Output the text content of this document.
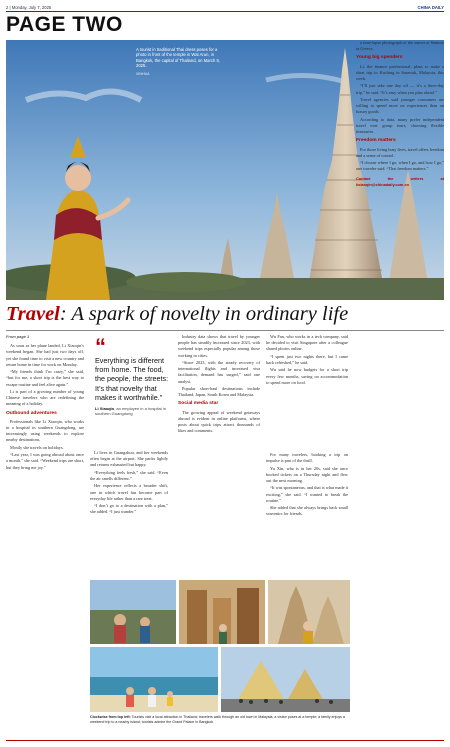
2 | Monday, July 7, 2025	CHINA DAILY
PAGE TWO
A tourist in traditional Thai dress poses for a photo in front of the temple in Wat Arun, in Bangkok, the capital of Thailand, on March 8, 2025.
XINHUA
Travel: A spark of novelty in ordinary life
From page 1
As soon as her plane landed, Li Xiaoqin’s weekend began. She had just two days off, yet she found time to visit a new country and return home in time for work on Monday.
“My friends think I’m crazy,” she said, “but for me, a short trip is the best way to escape routine and feel alive again.”
Li is part of a growing number of young Chinese travelers who are redefining the meaning of a holiday.
Outbound adventures
Professionals like Li Xiaoqin, who works in a hospital in southern Guangdong, are increasingly using weekends to explore nearby destinations.
Mostly she travels on holidays.
“Last year, I was going abroad about once a month,” she said. “Weekend trips are short, but they bring me joy.”
“
Everything is different from home. The food, the people, the streets: It’s that novelty that makes it worthwhile.”
Li Xiaoqin, an employee in a hospital in southern Guangdong
Li lives in Guangzhou, and her weekends often begin at the airport. She packs lightly and returns exhausted but happy.
“Everything feels fresh,” she said. “Even the air smells different.”
Her experience reflects a broader shift, one in which travel has become part of everyday life rather than a rare treat.
“I don’t go to a destination with a plan,” she added. “I just wander.”
Industry data shows that travel by younger people has steadily increased since 2023, with weekend trips especially popular among those working in cities.
“Since 2023, with the steady recovery of international flights and increased visa facilitation, demand has surged,” said one analyst.
Popular short-haul destinations include Thailand, Japan, South Korea and Malaysia.
Social media star
The growing appeal of weekend getaways abroad is evident in online platforms, where posts about quick trips attract thousands of likes and comments.
Wu Fan, who works in a tech company, said he decided to visit Singapore after a colleague shared photos online.
“I spent just two nights there, but I came back refreshed,” he said.
Wu said he now budgets for a short trip every few months, saving on accommodation to spend more on food.
For many travelers, booking a trip on impulse is part of the thrill.
Yu Xin, who is in her 20s, said she once booked tickets on a Thursday night and flew out the next morning.
“It was spontaneous, and that is what made it exciting,” she said. “I wanted to break the routine.”
She added that she always brings back small souvenirs for friends.
a time-lapse photograph of the sunset at Sentosa in Greece.
Young big spenders
Li, the finance professional, plans to make a short trip to Kuching in Sarawak, Malaysia, this week.
“I’ll just take one day off — it’s a three-day trip,” he said. “It’s easy when you plan ahead.”
Travel agencies said younger consumers are willing to spend more on experiences than on luxury goods.
According to data, many prefer independent travel over group tours, choosing flexible itineraries.
Freedom matters
For those living busy lives, travel offers freedom and a sense of control.
“I choose where I go, when I go, and how I go,” one traveler said. “That freedom matters.”
Contact the writers at lixiaoqin@chinadaily.com.cn
Clockwise from top left: Tourists visit a local attraction in Thailand; travelers walk through an old town in Malaysia; a visitor poses at a temple; a family enjoys a weekend trip to a nearby island; tourists admire the Grand Palace in Bangkok.
